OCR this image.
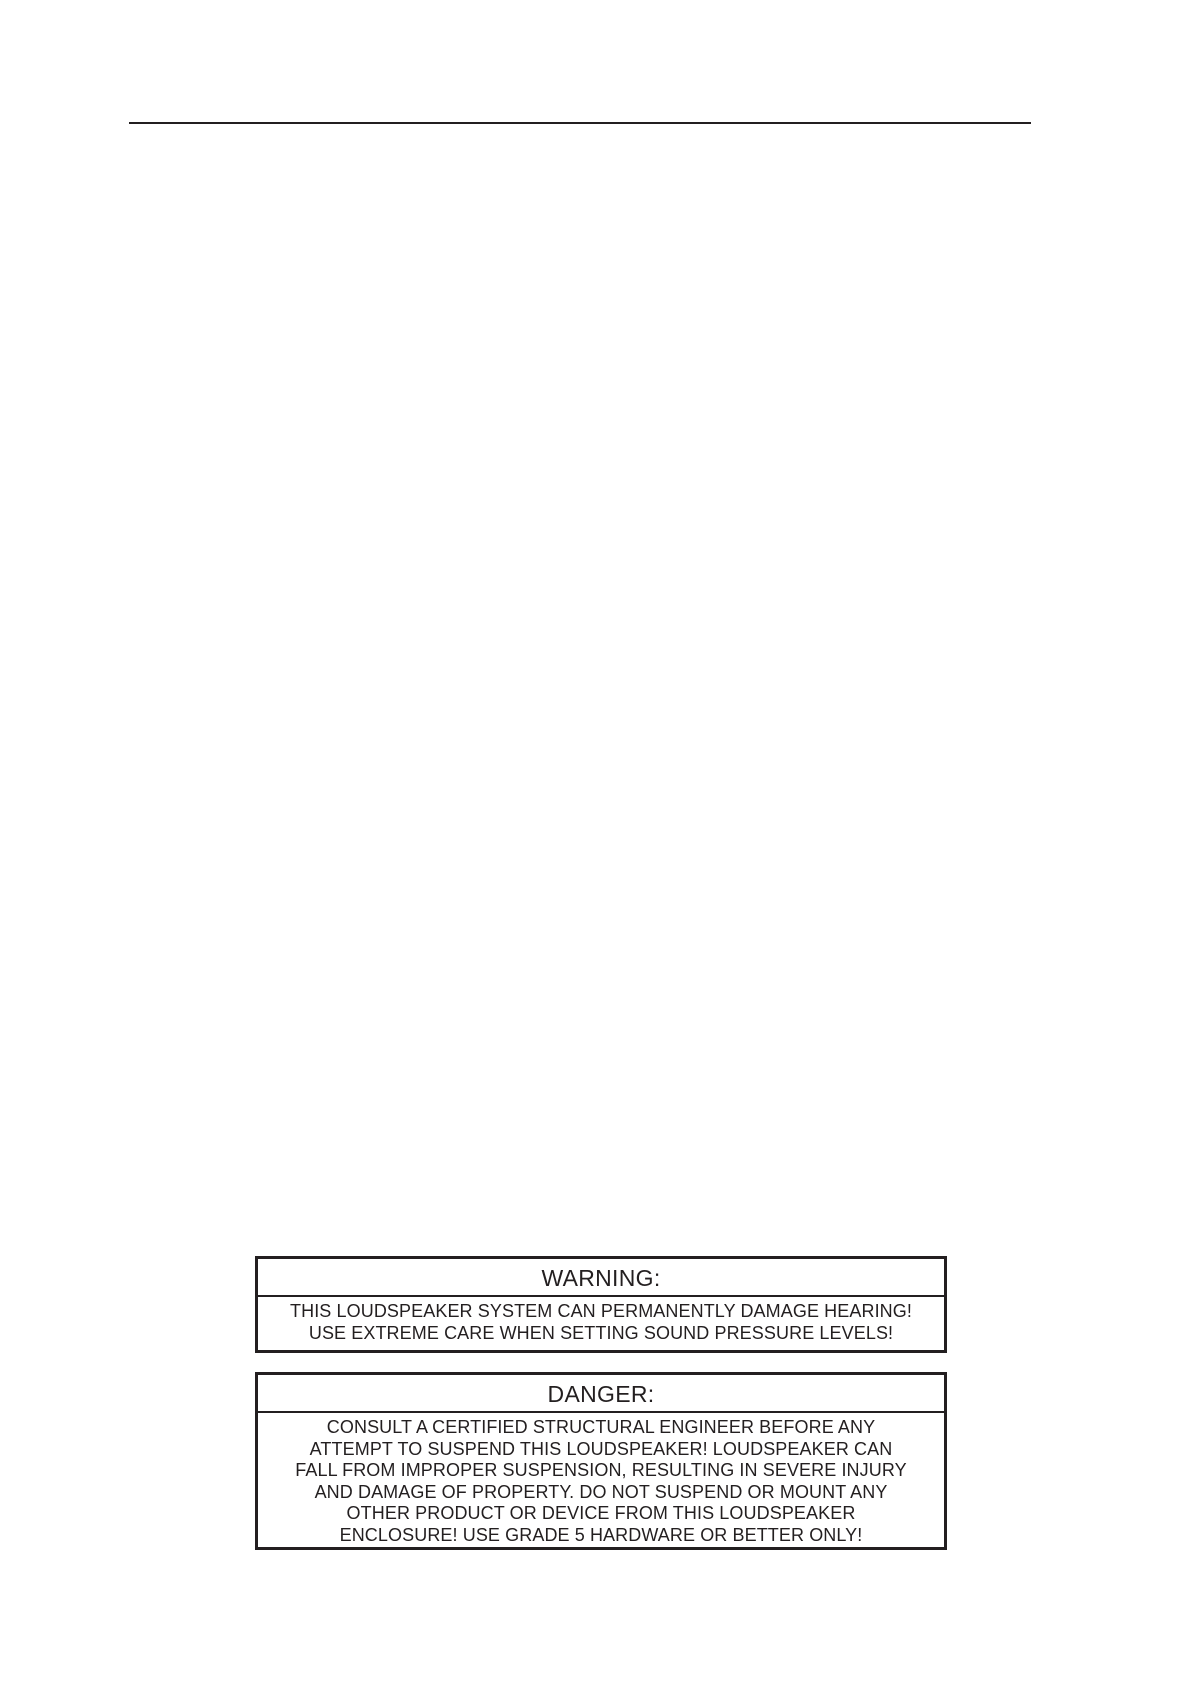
WARNING:
THIS LOUDSPEAKER SYSTEM CAN PERMANENTLY DAMAGE HEARING!
USE EXTREME CARE WHEN SETTING SOUND PRESSURE LEVELS!
DANGER:
CONSULT A CERTIFIED STRUCTURAL ENGINEER BEFORE ANY
ATTEMPT TO SUSPEND THIS LOUDSPEAKER! LOUDSPEAKER CAN
FALL FROM IMPROPER SUSPENSION, RESULTING IN SEVERE INJURY
AND DAMAGE OF PROPERTY. DO NOT SUSPEND OR MOUNT ANY
OTHER PRODUCT OR DEVICE FROM THIS LOUDSPEAKER
ENCLOSURE! USE GRADE 5 HARDWARE OR BETTER ONLY!
